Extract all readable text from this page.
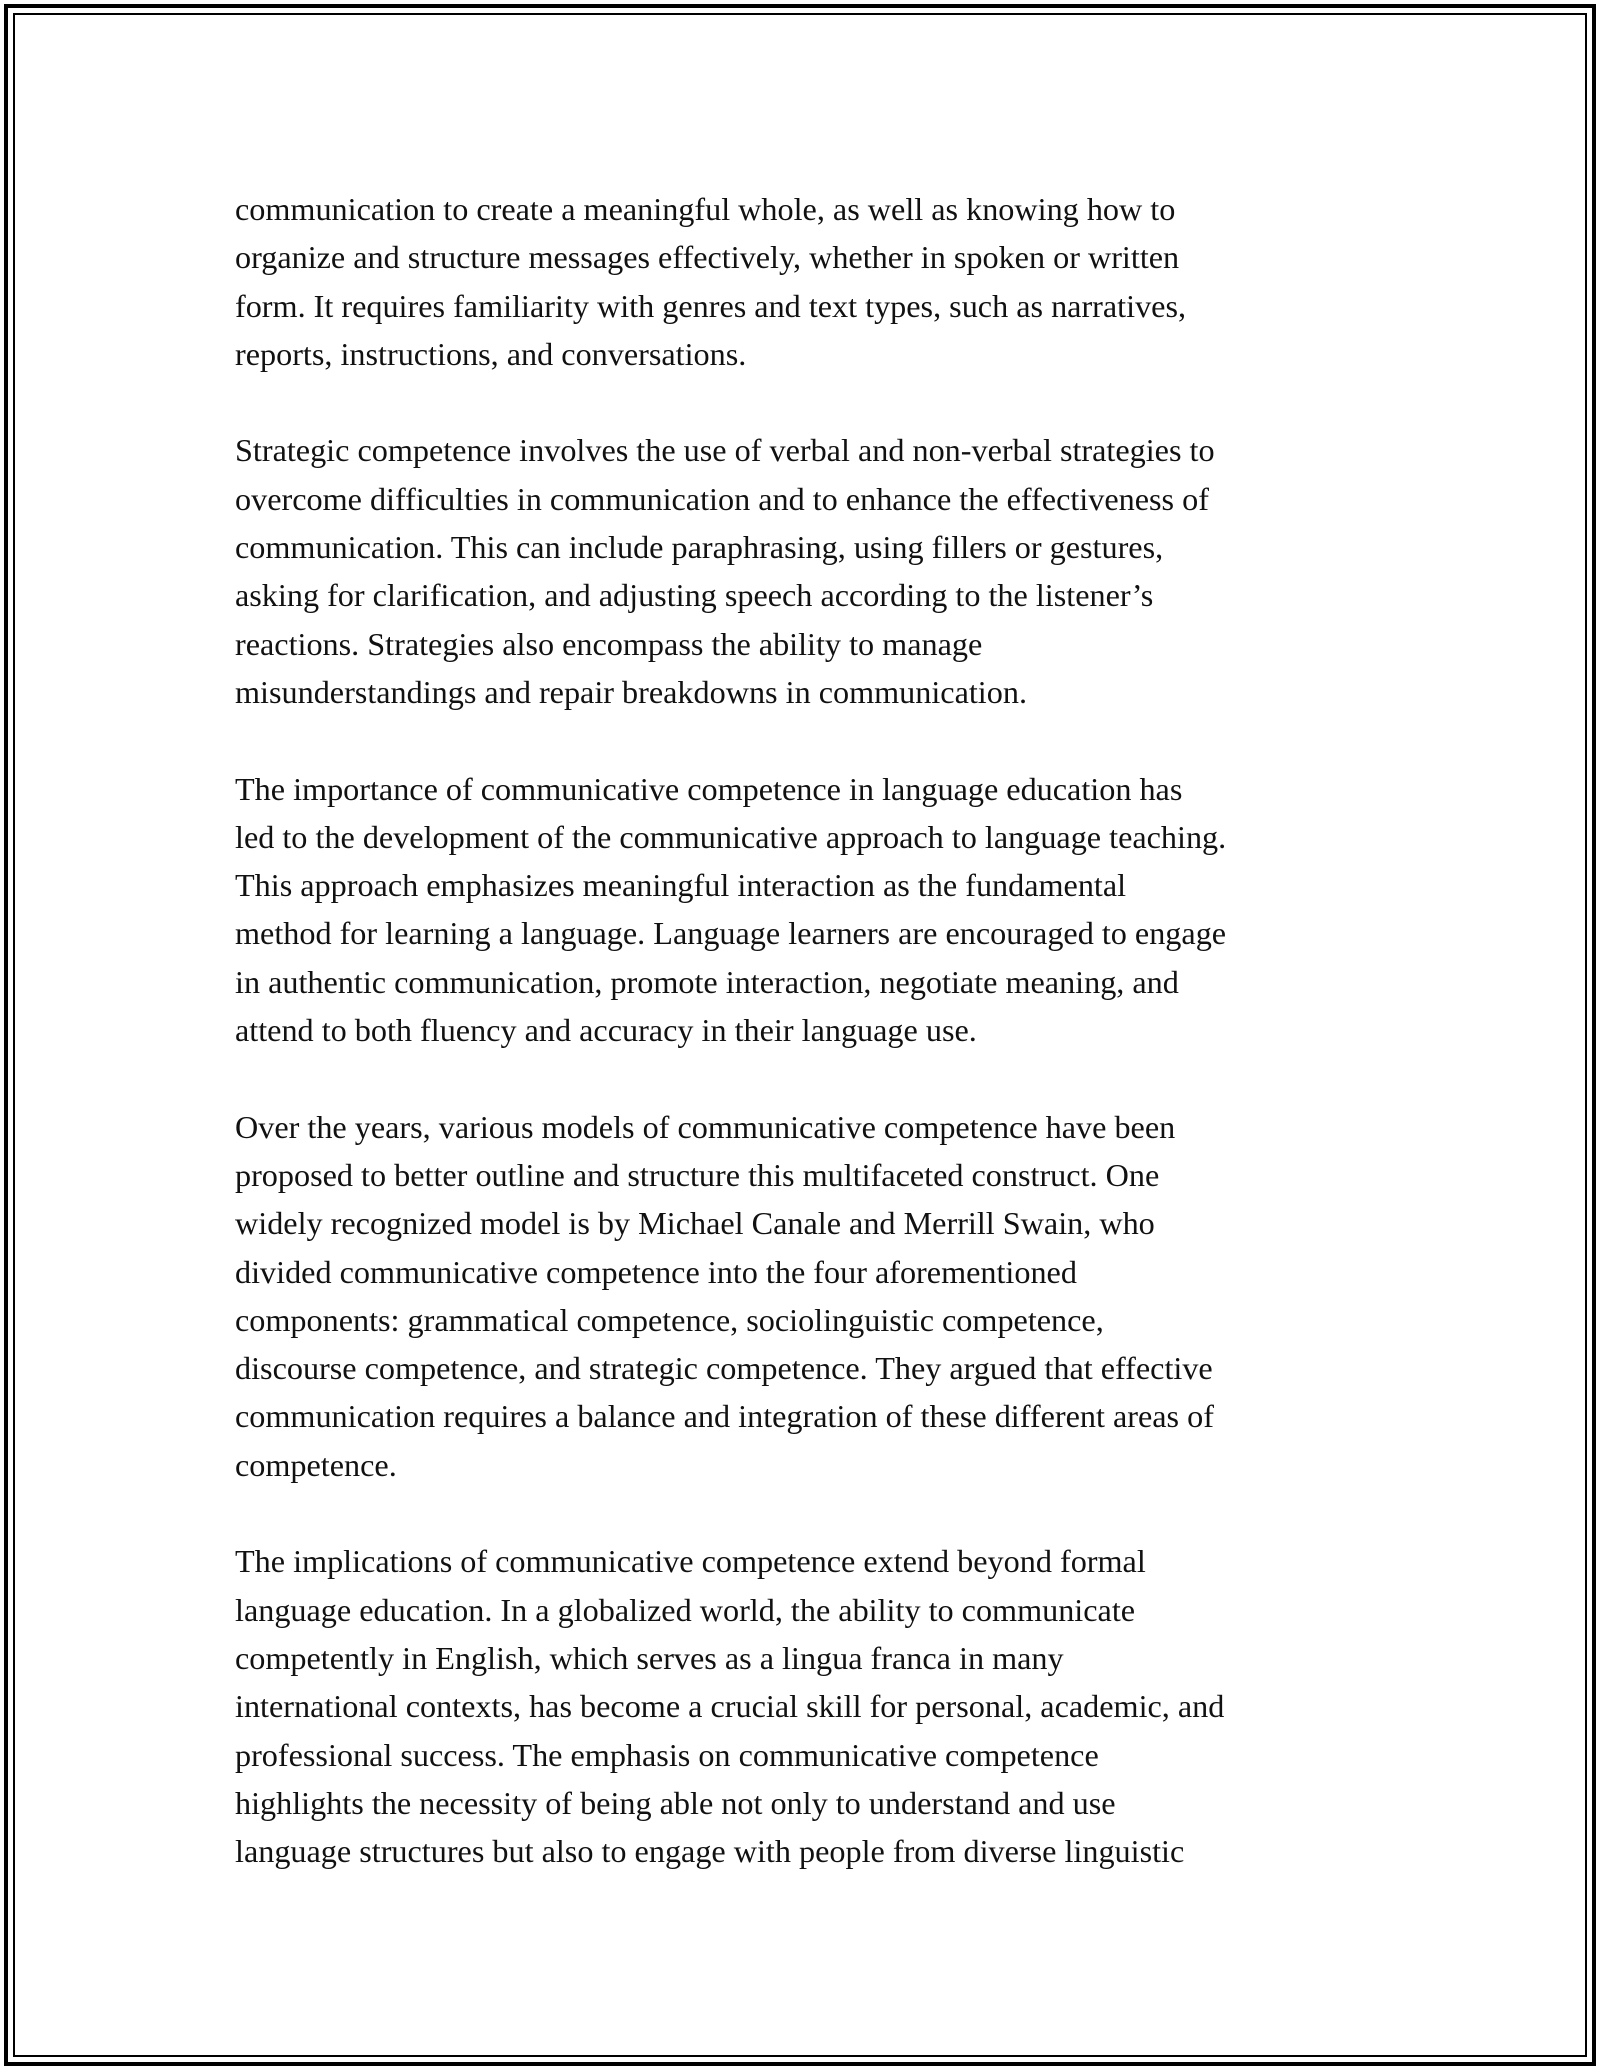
communication to create a meaningful whole, as well as knowing how to
organize and structure messages effectively, whether in spoken or written
form. It requires familiarity with genres and text types, such as narratives,
reports, instructions, and conversations.

Strategic competence involves the use of verbal and non-verbal strategies to
overcome difficulties in communication and to enhance the effectiveness of
communication. This can include paraphrasing, using fillers or gestures,
asking for clarification, and adjusting speech according to the listener’s
reactions. Strategies also encompass the ability to manage
misunderstandings and repair breakdowns in communication.

The importance of communicative competence in language education has
led to the development of the communicative approach to language teaching.
This approach emphasizes meaningful interaction as the fundamental
method for learning a language. Language learners are encouraged to engage
in authentic communication, promote interaction, negotiate meaning, and
attend to both fluency and accuracy in their language use.

Over the years, various models of communicative competence have been
proposed to better outline and structure this multifaceted construct. One
widely recognized model is by Michael Canale and Merrill Swain, who
divided communicative competence into the four aforementioned
components: grammatical competence, sociolinguistic competence,
discourse competence, and strategic competence. They argued that effective
communication requires a balance and integration of these different areas of
competence.

The implications of communicative competence extend beyond formal
language education. In a globalized world, the ability to communicate
competently in English, which serves as a lingua franca in many
international contexts, has become a crucial skill for personal, academic, and
professional success. The emphasis on communicative competence
highlights the necessity of being able not only to understand and use
language structures but also to engage with people from diverse linguistic
